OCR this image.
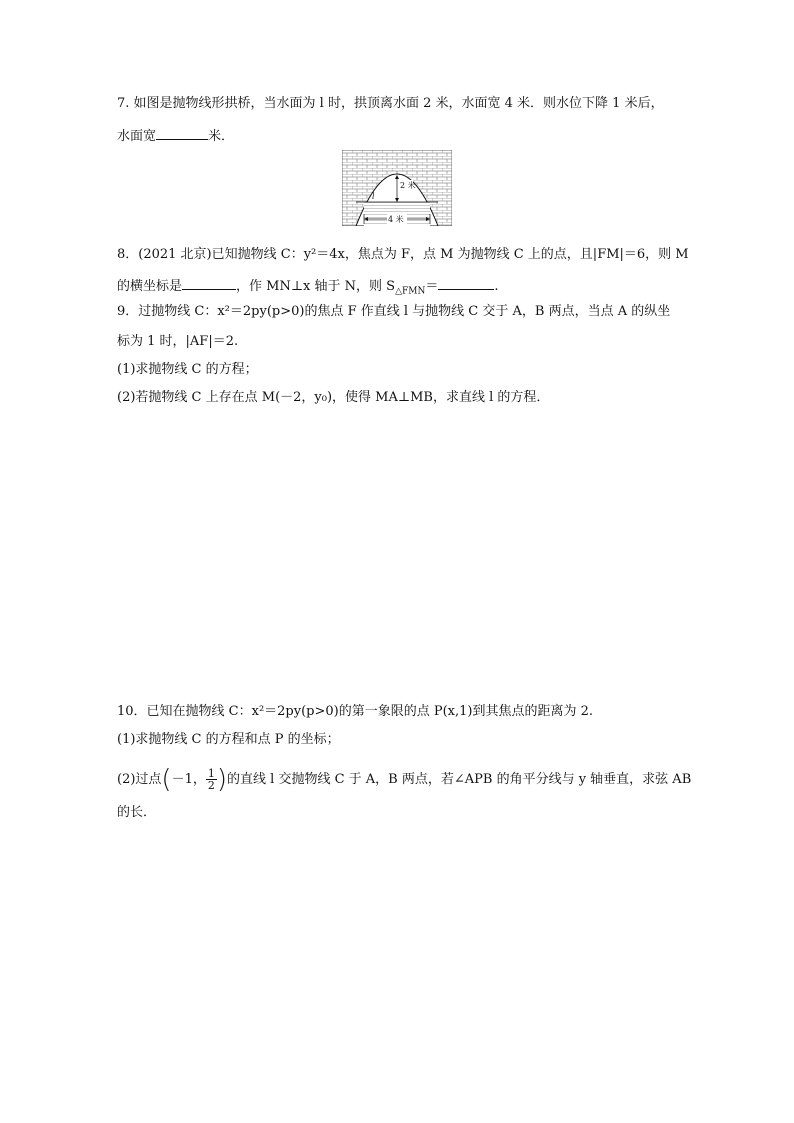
7. 如图是抛物线形拱桥，当水面为 l 时，拱顶离水面 2 米，水面宽 4 米．则水位下降 1 米后，
水面宽	米．
2 米
l
4 米
8．(2021 北京)已知抛物线 C：y²＝4x，焦点为 F，点 M 为抛物线 C 上的点，且|FM|＝6，则 M
的横坐标是	，作 MN⊥x 轴于 N，则 $S_{\triangle FMN}=$	.
9．过抛物线 C：x²＝2py(p>0)的焦点 F 作直线 l 与抛物线 C 交于 A，B 两点，当点 A 的纵坐
标为 1 时，|AF|＝2.
(1)求抛物线 C 的方程；
(2)若抛物线 C 上存在点 M(－2，y₀)，使得 MA⊥MB，求直线 l 的方程．
10．已知在抛物线 C：x²＝2py(p>0)的第一象限的点 P(x,1)到其焦点的距离为 2.
(1)求抛物线 C 的方程和点 P 的坐标；
(2)过点(－1， $\frac{1}{2}$ )的直线 l 交抛物线 C 于 A，B 两点，若∠APB 的角平分线与 y 轴垂直，求弦 AB
的长．
